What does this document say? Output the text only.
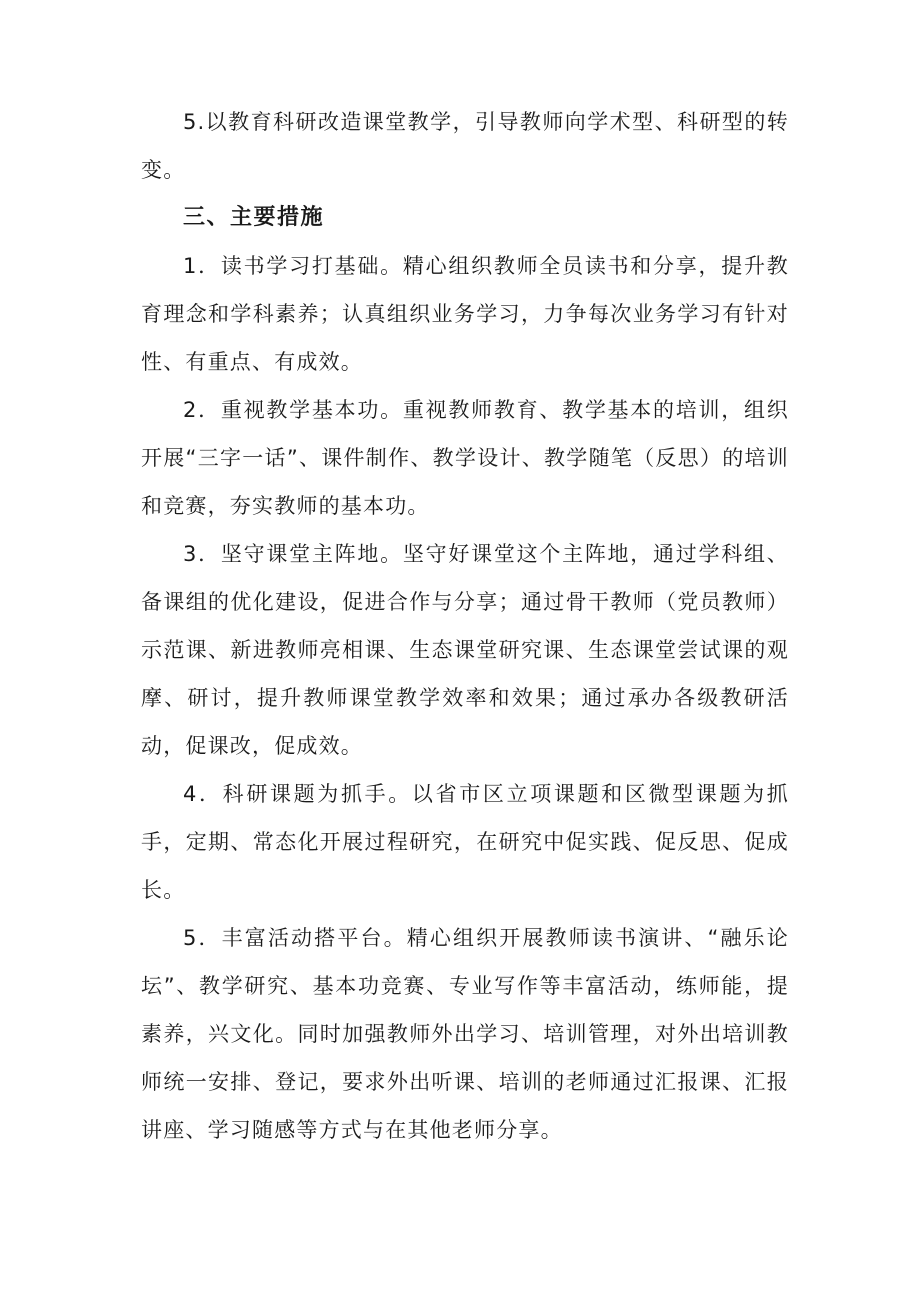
5.以教育科研改造课堂教学，引导教师向学术型、科研型的转变。

三、主要措施

1．读书学习打基础。精心组织教师全员读书和分享，提升教育理念和学科素养；认真组织业务学习，力争每次业务学习有针对性、有重点、有成效。

2．重视教学基本功。重视教师教育、教学基本的培训，组织开展“三字一话”、课件制作、教学设计、教学随笔（反思）的培训和竞赛，夯实教师的基本功。

3．坚守课堂主阵地。坚守好课堂这个主阵地，通过学科组、备课组的优化建设，促进合作与分享；通过骨干教师（党员教师）示范课、新进教师亮相课、生态课堂研究课、生态课堂尝试课的观摩、研讨，提升教师课堂教学效率和效果；通过承办各级教研活动，促课改，促成效。

4．科研课题为抓手。以省市区立项课题和区微型课题为抓手，定期、常态化开展过程研究，在研究中促实践、促反思、促成长。

5．丰富活动搭平台。精心组织开展教师读书演讲、“融乐论坛”、教学研究、基本功竞赛、专业写作等丰富活动，练师能，提素养，兴文化。同时加强教师外出学习、培训管理，对外出培训教师统一安排、登记，要求外出听课、培训的老师通过汇报课、汇报讲座、学习随感等方式与在其他老师分享。
